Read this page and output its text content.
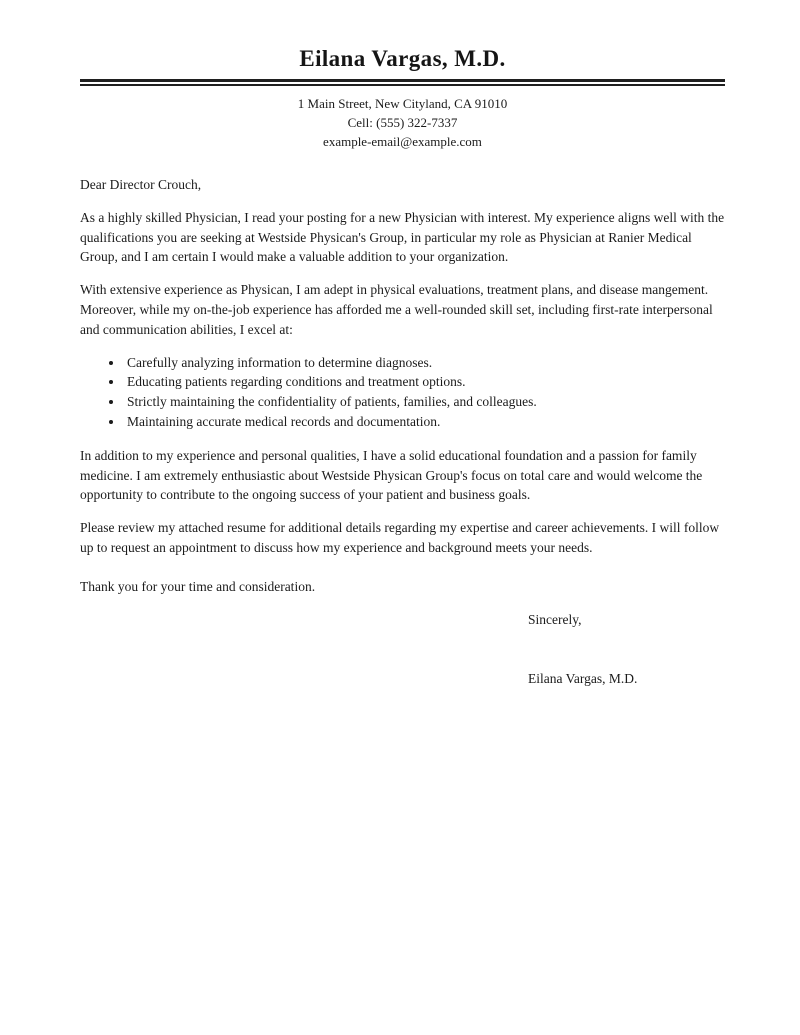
Eilana Vargas, M.D.
1 Main Street, New Cityland, CA 91010
Cell: (555) 322-7337
example-email@example.com

Dear Director Crouch,

As a highly skilled Physician, I read your posting for a new Physician with interest. My experience aligns well with the qualifications you are seeking at Westside Physican's Group, in particular my role as Physician at Ranier Medical Group, and I am certain I would make a valuable addition to your organization.

With extensive experience as Physican, I am adept in physical evaluations, treatment plans, and disease mangement. Moreover, while my on-the-job experience has afforded me a well-rounded skill set, including first-rate interpersonal and communication abilities, I excel at:

• Carefully analyzing information to determine diagnoses.
• Educating patients regarding conditions and treatment options.
• Strictly maintaining the confidentiality of patients, families, and colleagues.
• Maintaining accurate medical records and documentation.

In addition to my experience and personal qualities, I have a solid educational foundation and a passion for family medicine. I am extremely enthusiastic about Westside Physican Group's focus on total care and would welcome the opportunity to contribute to the ongoing success of your patient and business goals.

Please review my attached resume for additional details regarding my expertise and career achievements. I will follow up to request an appointment to discuss how my experience and background meets your needs.

Thank you for your time and consideration.

Sincerely,

Eilana Vargas, M.D.
